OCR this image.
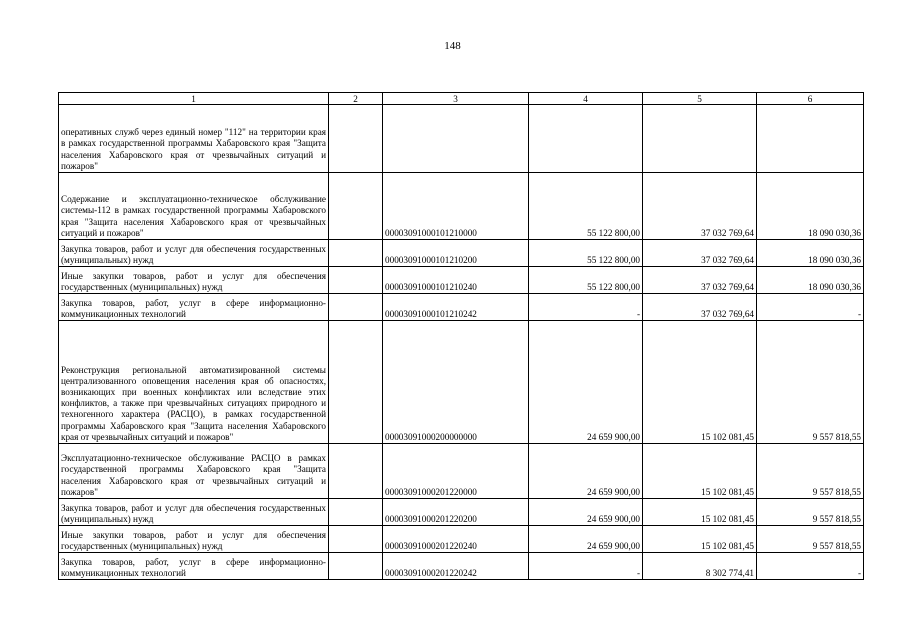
148
1	2	3	4	5	6
оперативных служб через единый номер "112" на территории края в рамках государственной программы Хабаровского края "Защита населения Хабаровского края от чрезвычайных ситуаций и пожаров"					
Содержание и эксплуатационно-техническое обслуживание системы-112 в рамках государственной программы Хабаровского края "Защита населения Хабаровского края от чрезвычайных ситуаций и пожаров"		00003091000101210000	55 122 800,00	37 032 769,64	18 090 030,36
Закупка товаров, работ и услуг для обеспечения государственных (муниципальных) нужд		00003091000101210200	55 122 800,00	37 032 769,64	18 090 030,36
Иные закупки товаров, работ и услуг для обеспечения государственных (муниципальных) нужд		00003091000101210240	55 122 800,00	37 032 769,64	18 090 030,36
Закупка товаров, работ, услуг в сфере информационно-коммуникационных технологий		00003091000101210242	-	37 032 769,64	-
Реконструкция региональной автоматизированной системы централизованного оповещения населения края об опасностях, возникающих при военных конфликтах или вследствие этих конфликтов, а также при чрезвычайных ситуациях природного и техногенного характера (РАСЦО), в рамках государственной программы Хабаровского края "Защита населения Хабаровского края от чрезвычайных ситуаций и пожаров"		00003091000200000000	24 659 900,00	15 102 081,45	9 557 818,55
Эксплуатационно-техническое обслуживание РАСЦО в рамках государственной программы Хабаровского края "Защита населения Хабаровского края от чрезвычайных ситуаций и пожаров"		00003091000201220000	24 659 900,00	15 102 081,45	9 557 818,55
Закупка товаров, работ и услуг для обеспечения государственных (муниципальных) нужд		00003091000201220200	24 659 900,00	15 102 081,45	9 557 818,55
Иные закупки товаров, работ и услуг для обеспечения государственных (муниципальных) нужд		00003091000201220240	24 659 900,00	15 102 081,45	9 557 818,55
Закупка товаров, работ, услуг в сфере информационно-коммуникационных технологий		00003091000201220242	-	8 302 774,41	-
